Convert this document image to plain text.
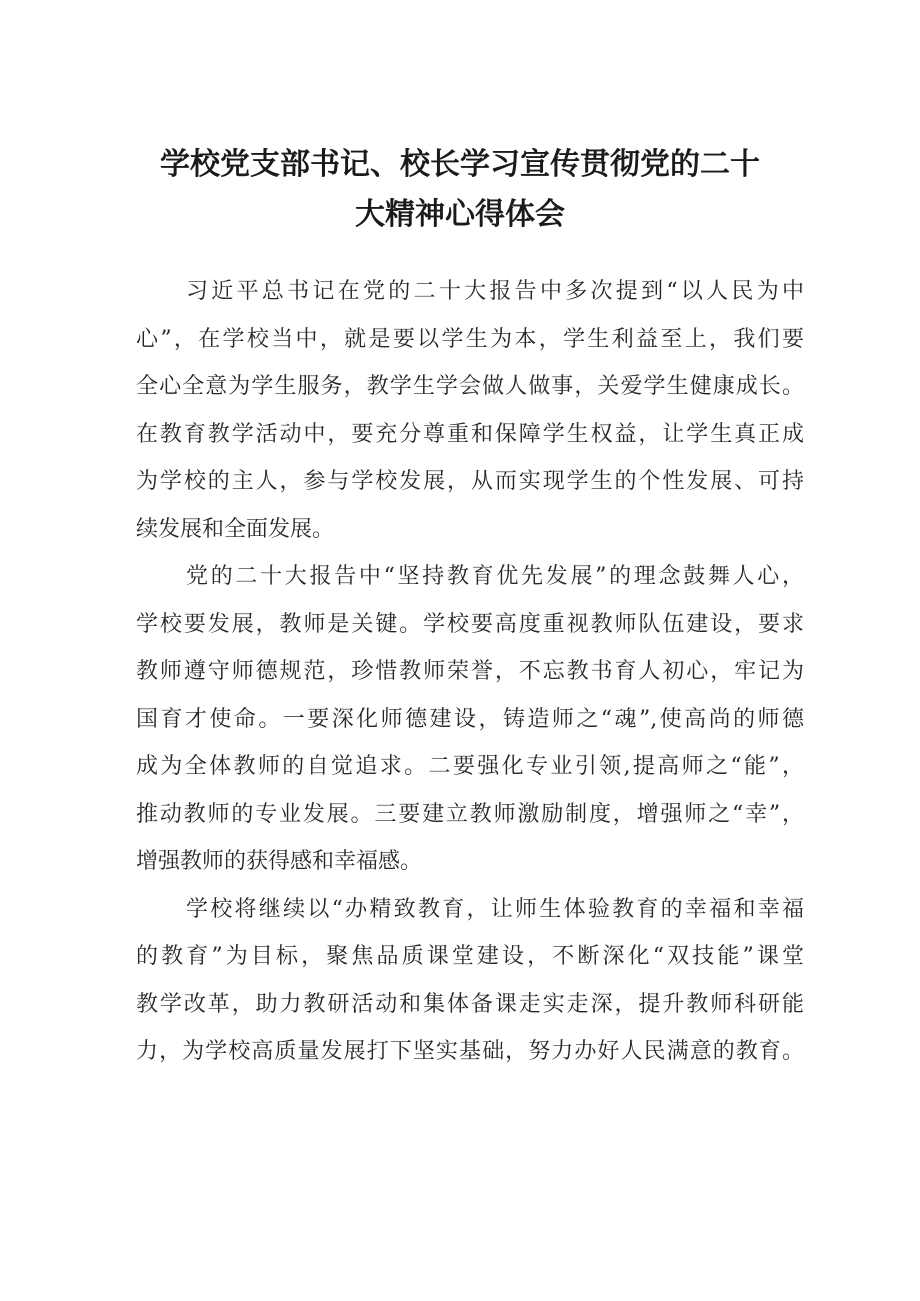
学校党支部书记、校长学习宣传贯彻党的二十
大精神心得体会
习近平总书记在党的二十大报告中多次提到“以人民为中
心”，在学校当中，就是要以学生为本，学生利益至上，我们要
全心全意为学生服务，教学生学会做人做事，关爱学生健康成长。
在教育教学活动中，要充分尊重和保障学生权益，让学生真正成
为学校的主人，参与学校发展，从而实现学生的个性发展、可持
续发展和全面发展。
党的二十大报告中“坚持教育优先发展”的理念鼓舞人心，
学校要发展，教师是关键。学校要高度重视教师队伍建设，要求
教师遵守师德规范，珍惜教师荣誉，不忘教书育人初心，牢记为
国育才使命。一要深化师德建设，铸造师之“魂”,使高尚的师德
成为全体教师的自觉追求。二要强化专业引领,提高师之“能”，
推动教师的专业发展。三要建立教师激励制度，增强师之“幸”，
增强教师的获得感和幸福感。
学校将继续以“办精致教育，让师生体验教育的幸福和幸福
的教育”为目标，聚焦品质课堂建设，不断深化“双技能”课堂
教学改革，助力教研活动和集体备课走实走深，提升教师科研能
力，为学校高质量发展打下坚实基础，努力办好人民满意的教育。
